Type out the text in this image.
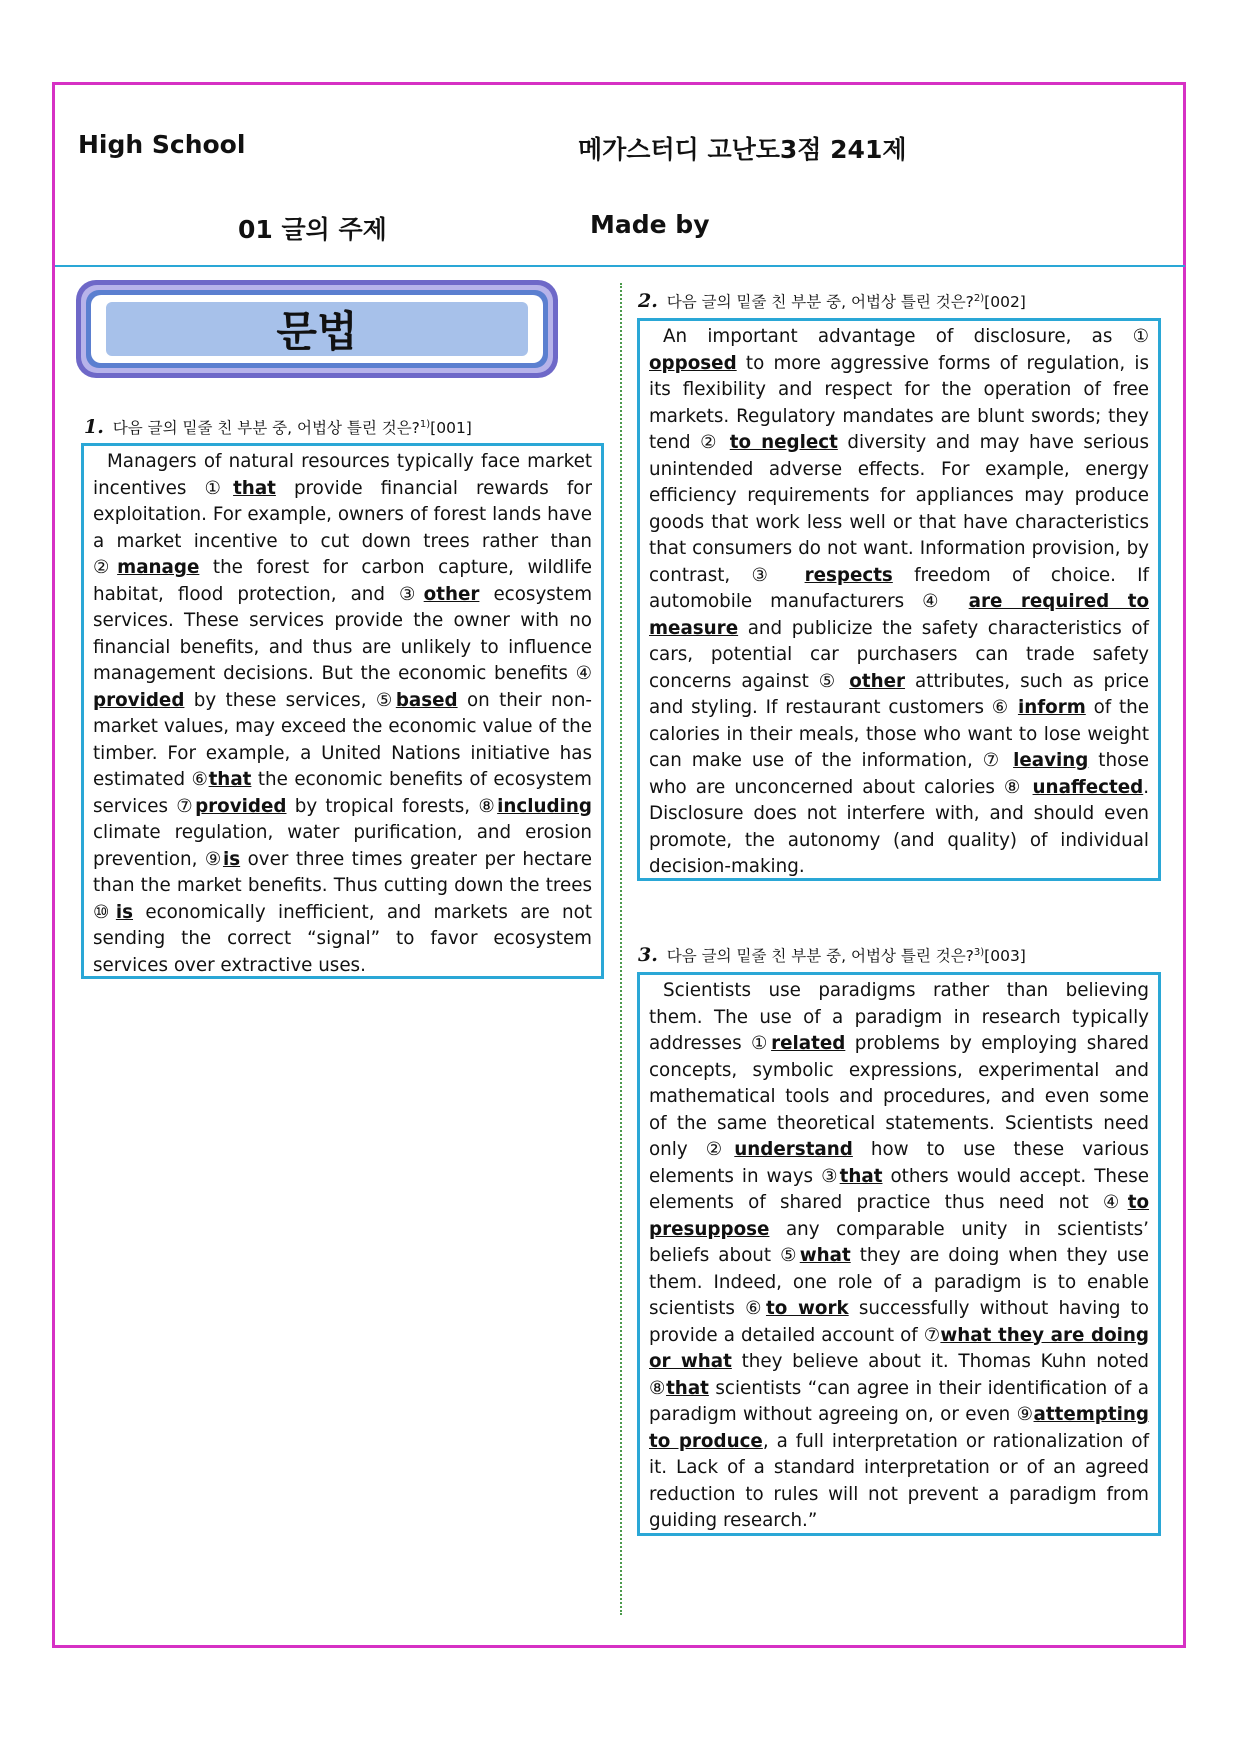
High School	메가스터디 고난도3점 241제
01 글의 주제	Made by
문법
1. 다음 글의 밑줄 친 부분 중, 어법상 틀린 것은?$^{1)}$[001]

Managers of natural resources typically face market incentives ①that provide financial rewards for exploitation. For example, owners of forest lands have a market incentive to cut down trees rather than ②manage the forest for carbon capture, wildlife habitat, flood protection, and ③other ecosystem services. These services provide the owner with no financial benefits, and thus are unlikely to influence management decisions. But the economic benefits ④ provided by these services, ⑤based on their non-market values, may exceed the economic value of the timber. For example, a United Nations initiative has estimated ⑥that the economic benefits of ecosystem services ⑦provided by tropical forests, ⑧including climate regulation, water purification, and erosion prevention, ⑨is over three times greater per hectare than the market benefits. Thus cutting down the trees ⑩is economically inefficient, and markets are not sending the correct “signal” to favor ecosystem services over extractive uses.

2. 다음 글의 밑줄 친 부분 중, 어법상 틀린 것은?$^{2)}$[002]

An important advantage of disclosure, as ① opposed to more aggressive forms of regulation, is its flexibility and respect for the operation of free markets. Regulatory mandates are blunt swords; they tend ② to neglect diversity and may have serious unintended adverse effects. For example, energy efficiency requirements for appliances may produce goods that work less well or that have characteristics that consumers do not want. Information provision, by contrast, ③ respects freedom of choice. If automobile manufacturers ④ are required to measure and publicize the safety characteristics of cars, potential car purchasers can trade safety concerns against ⑤ other attributes, such as price and styling. If restaurant customers ⑥ inform of the calories in their meals, those who want to lose weight can make use of the information, ⑦ leaving those who are unconcerned about calories ⑧ unaffected. Disclosure does not interfere with, and should even promote, the autonomy (and quality) of individual decision-making.

3. 다음 글의 밑줄 친 부분 중, 어법상 틀린 것은?$^{3)}$[003]

Scientists use paradigms rather than believing them. The use of a paradigm in research typically addresses ①related problems by employing shared concepts, symbolic expressions, experimental and mathematical tools and procedures, and even some of the same theoretical statements. Scientists need only ②understand how to use these various elements in ways ③that others would accept. These elements of shared practice thus need not ④to presuppose any comparable unity in scientists’ beliefs about ⑤what they are doing when they use them. Indeed, one role of a paradigm is to enable scientists ⑥to work successfully without having to provide a detailed account of ⑦what they are doing or what they believe about it. Thomas Kuhn noted ⑧that scientists “can agree in their identification of a paradigm without agreeing on, or even ⑨attempting to produce, a full interpretation or rationalization of it. Lack of a standard interpretation or of an agreed reduction to rules will not prevent a paradigm from guiding research.”
